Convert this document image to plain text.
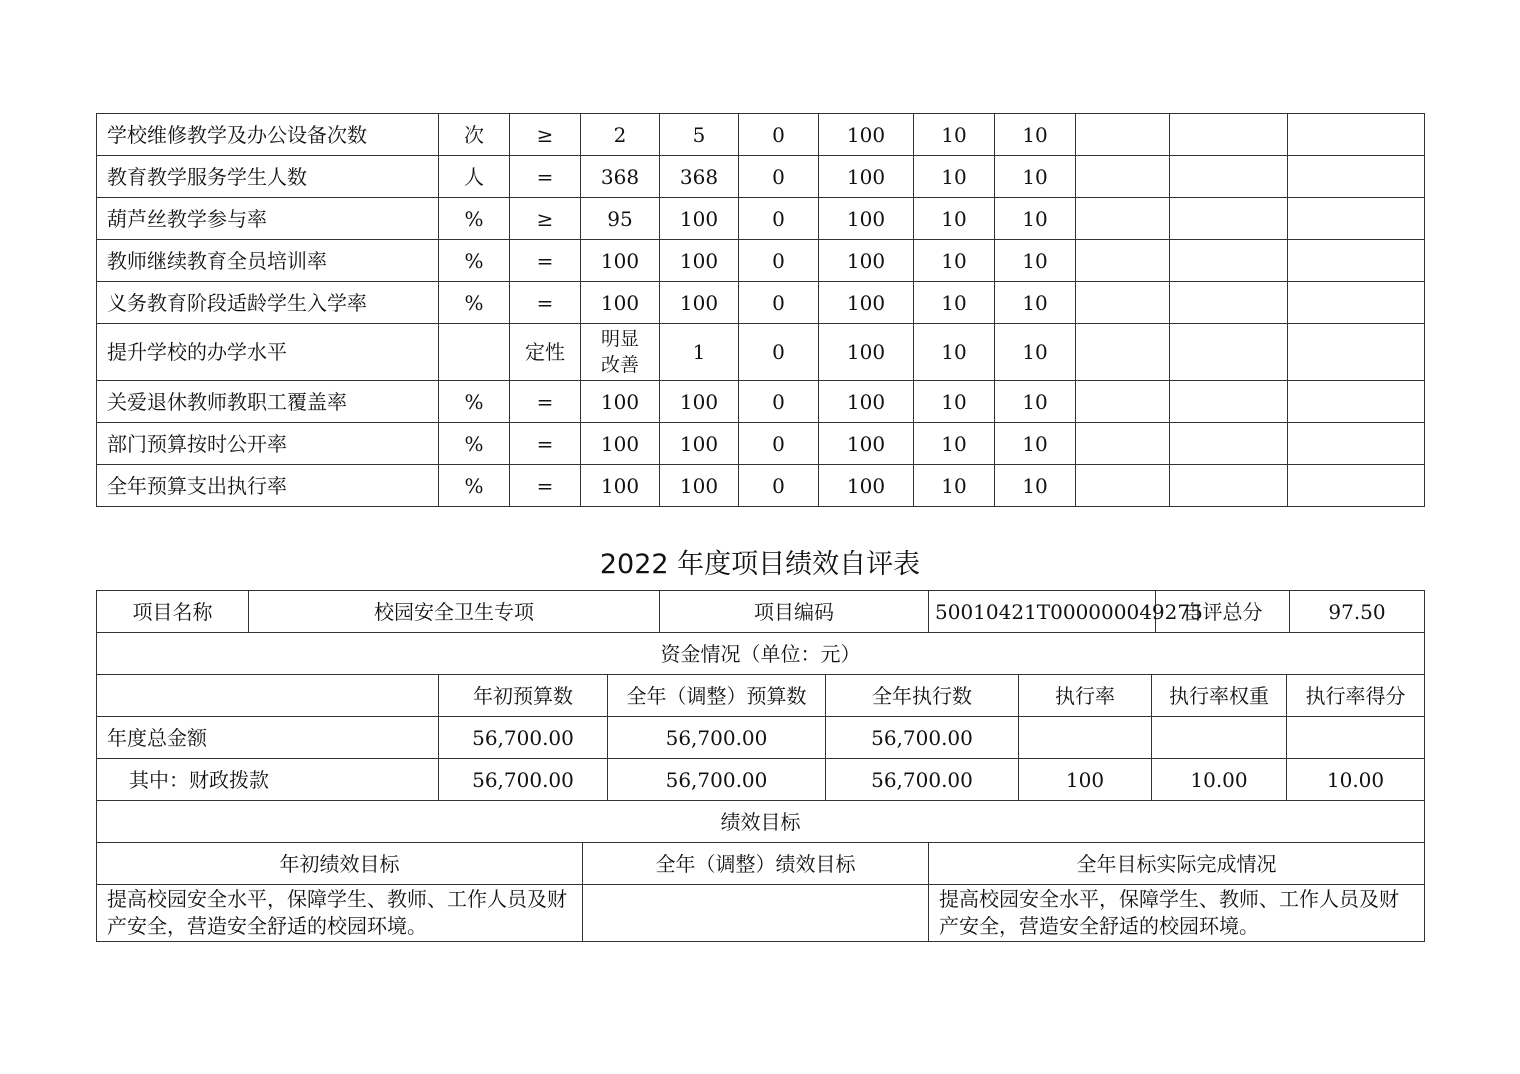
学校维修教学及办公设备次数	次	≥	2	5	0	100	10	10			
教育教学服务学生人数	人	=	368	368	0	100	10	10			
葫芦丝教学参与率	%	≥	95	100	0	100	10	10			
教师继续教育全员培训率	%	=	100	100	0	100	10	10			
义务教育阶段适龄学生入学率	%	=	100	100	0	100	10	10			
提升学校的办学水平		定性	明显改善	1	0	100	10	10			
关爱退休教师教职工覆盖率	%	=	100	100	0	100	10	10			
部门预算按时公开率	%	=	100	100	0	100	10	10			
全年预算支出执行率	%	=	100	100	0	100	10	10			
2022 年度项目绩效自评表
项目名称	校园安全卫生专项				项目编码		50010421T000000049275			自评总分		97.50
资金情况（单位：元）												
		年初预算数		全年（调整）预算数		全年执行数		执行率	执行率权重		执行率得分	
年度总金额		56,700.00		56,700.00		56,700.00						
其中：财政拨款		56,700.00		56,700.00		56,700.00		100	10.00		10.00	
绩效目标												
年初绩效目标			全年（调整）绩效目标				全年目标实际完成情况					
提高校园安全水平，保障学生、教师、工作人员及财产安全，营造安全舒适的校园环境。							提高校园安全水平，保障学生、教师、工作人员及财产安全，营造安全舒适的校园环境。					
